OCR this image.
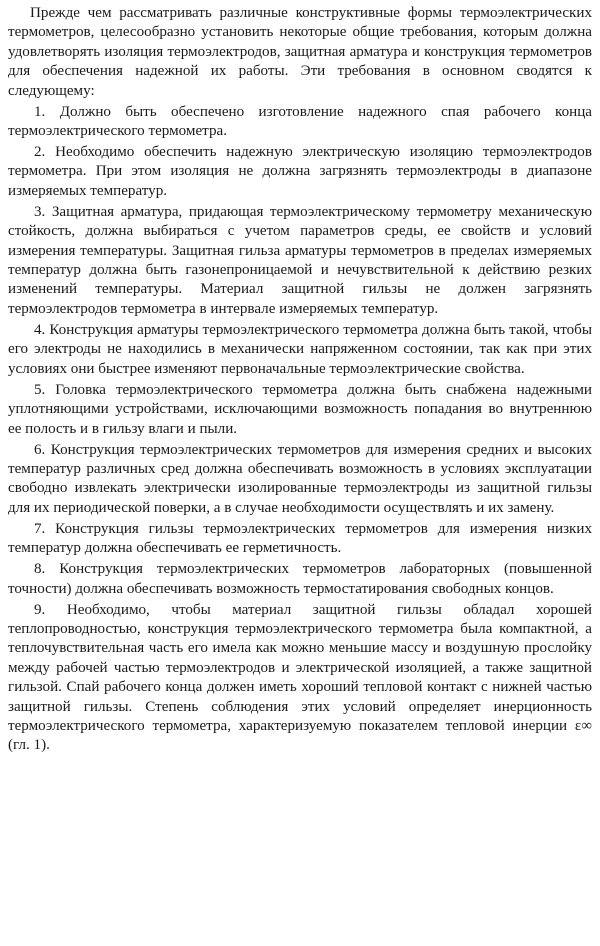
Прежде чем рассматривать различные конструктивные формы термоэлектрических термометров, целесообразно установить некоторые общие требования, которым должна удовлетворять изоляция термоэлектродов, защитная арматура и конструкция термометров для обеспечения надежной их работы. Эти требования в основном сводятся к следующему:

1. Должно быть обеспечено изготовление надежного спая рабочего конца термоэлектрического термометра.

2. Необходимо обеспечить надежную электрическую изоляцию термоэлектродов термометра. При этом изоляция не должна загрязнять термоэлектроды в диапазоне измеряемых температур.

3. Защитная арматура, придающая термоэлектрическому термометру механическую стойкость, должна выбираться с учетом параметров среды, ее свойств и условий измерения температуры. Защитная гильза арматуры термометров в пределах измеряемых температур должна быть газонепроницаемой и нечувствительной к действию резких изменений температуры. Материал защитной гильзы не должен загрязнять термоэлектродов термометра в интервале измеряемых температур.

4. Конструкция арматуры термоэлектрического термометра должна быть такой, чтобы его электроды не находились в механически напряженном состоянии, так как при этих условиях они быстрее изменяют первоначальные термоэлектрические свойства.

5. Головка термоэлектрического термометра должна быть снабжена надежными уплотняющими устройствами, исключающими возможность попадания во внутреннюю ее полость и в гильзу влаги и пыли.

6. Конструкция термоэлектрических термометров для измерения средних и высоких температур различных сред должна обеспечивать возможность в условиях эксплуатации свободно извлекать электрически изолированные термоэлектроды из защитной гильзы для их периодической поверки, а в случае необходимости осуществлять и их замену.

7. Конструкция гильзы термоэлектрических термометров для измерения низких температур должна обеспечивать ее герметичность.

8. Конструкция термоэлектрических термометров лабораторных (повышенной точности) должна обеспечивать возможность термостатирования свободных концов.

9. Необходимо, чтобы материал защитной гильзы обладал хорошей теплопроводностью, конструкция термоэлектрического термометра была компактной, а теплочувствительная часть его имела как можно меньшие массу и воздушную прослойку между рабочей частью термоэлектродов и электрической изоляцией, а также защитной гильзой. Спай рабочего конца должен иметь хороший тепловой контакт с нижней частью защитной гильзы. Степень соблюдения этих условий определяет инерционность термоэлектрического термометра, характеризуемую показателем тепловой инерции ε∞ (гл. 1).
